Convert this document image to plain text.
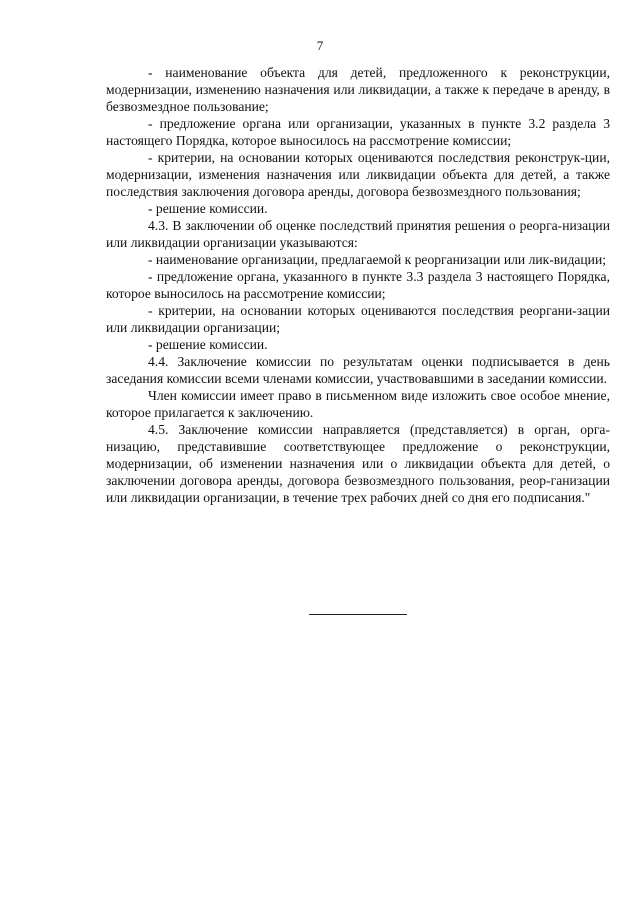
7

- наименование объекта для детей, предложенного к реконструкции, модернизации, изменению назначения или ликвидации, а также к передаче в аренду, в безвозмездное пользование;

- предложение органа или организации, указанных в пункте 3.2 раздела 3 настоящего Порядка, которое выносилось на рассмотрение комиссии;

- критерии, на основании которых оцениваются последствия реконструк-ции, модернизации, изменения назначения или ликвидации объекта для детей, а также последствия заключения договора аренды, договора безвозмездного пользования;

- решение комиссии.

4.3. В заключении об оценке последствий принятия решения о реорга-низации или ликвидации организации указываются:

- наименование организации, предлагаемой к реорганизации или лик-видации;

- предложение органа, указанного в пункте 3.3 раздела 3 настоящего Порядка, которое выносилось на рассмотрение комиссии;

- критерии, на основании которых оцениваются последствия реоргани-зации или ликвидации организации;

- решение комиссии.

4.4. Заключение комиссии по результатам оценки подписывается в день заседания комиссии всеми членами комиссии, участвовавшими в заседании комиссии.

Член комиссии имеет право в письменном виде изложить свое особое мнение, которое прилагается к заключению.

4.5. Заключение комиссии направляется (представляется) в орган, орга-низацию, представившие соответствующее предложение о реконструкции, модернизации, об изменении назначения или о ликвидации объекта для детей, о заключении договора аренды, договора безвозмездного пользования, реор-ганизации или ликвидации организации, в течение трех рабочих дней со дня его подписания."
